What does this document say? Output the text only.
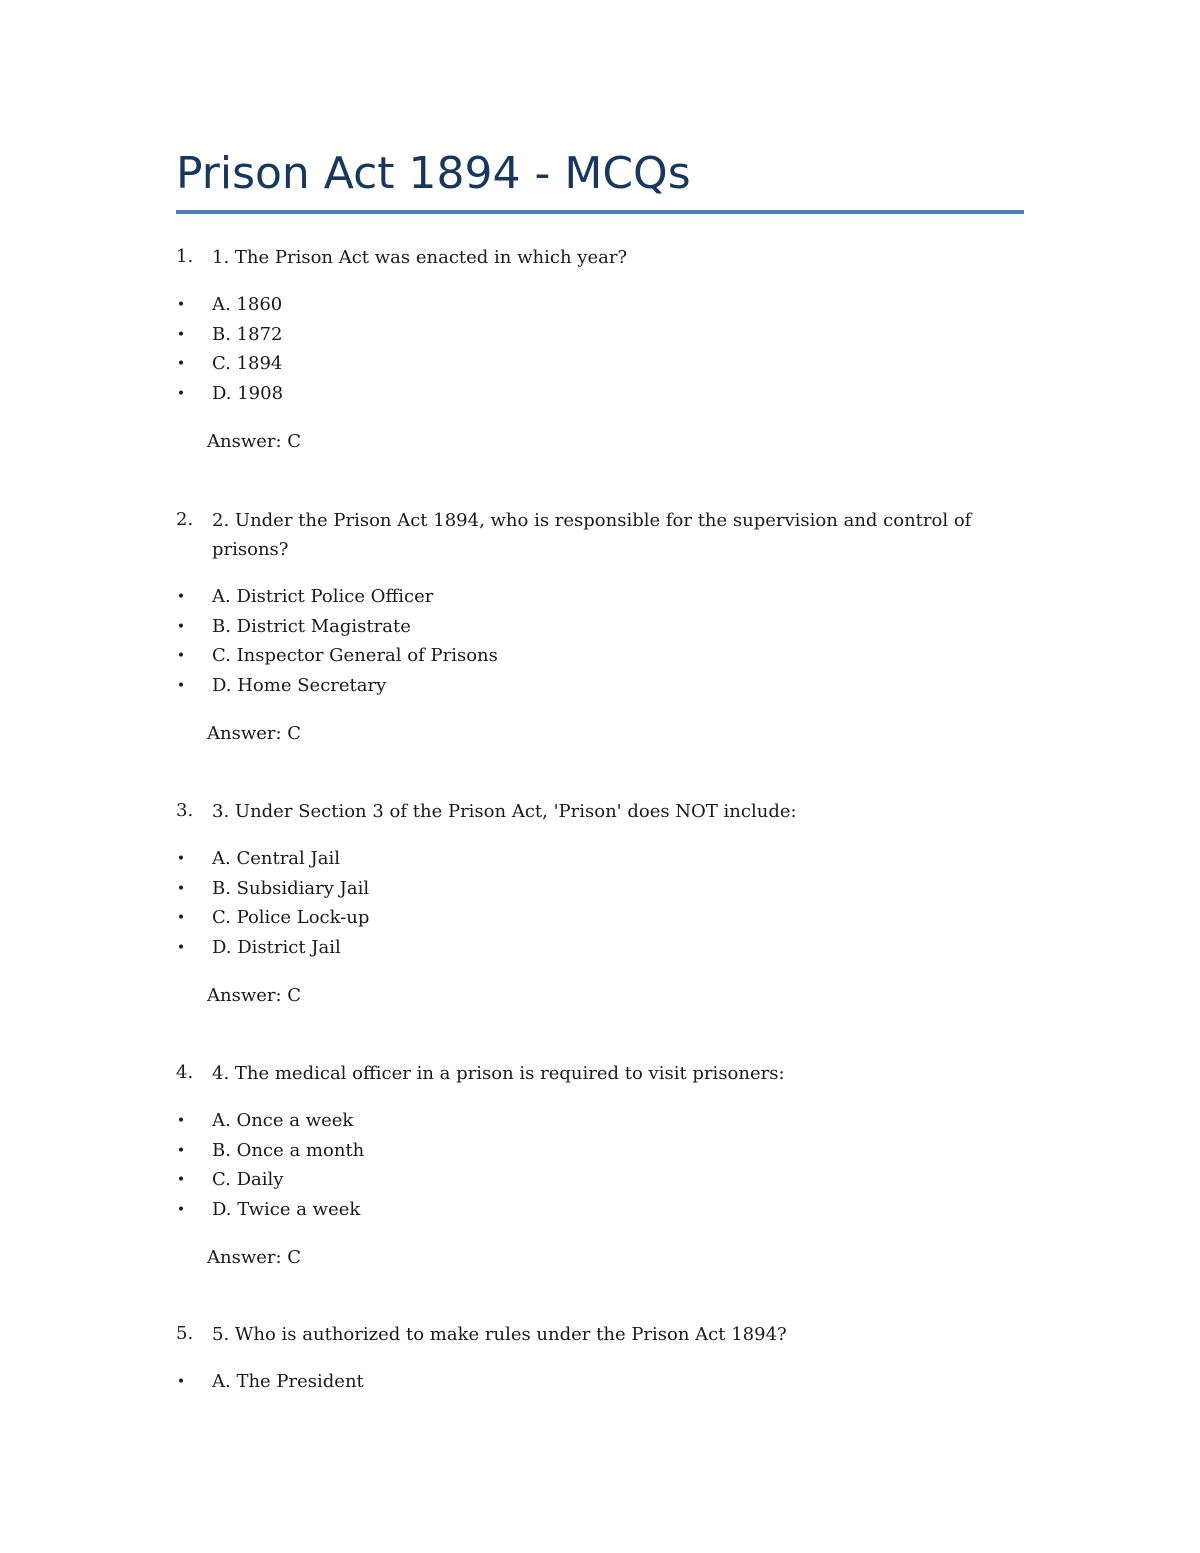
Prison Act 1894 - MCQs
1. 1. The Prison Act was enacted in which year?
• A. 1860
• B. 1872
• C. 1894
• D. 1908
Answer: C
2. 2. Under the Prison Act 1894, who is responsible for the supervision and control of prisons?
• A. District Police Officer
• B. District Magistrate
• C. Inspector General of Prisons
• D. Home Secretary
Answer: C
3. 3. Under Section 3 of the Prison Act, 'Prison' does NOT include:
• A. Central Jail
• B. Subsidiary Jail
• C. Police Lock-up
• D. District Jail
Answer: C
4. 4. The medical officer in a prison is required to visit prisoners:
• A. Once a week
• B. Once a month
• C. Daily
• D. Twice a week
Answer: C
5. 5. Who is authorized to make rules under the Prison Act 1894?
• A. The President
